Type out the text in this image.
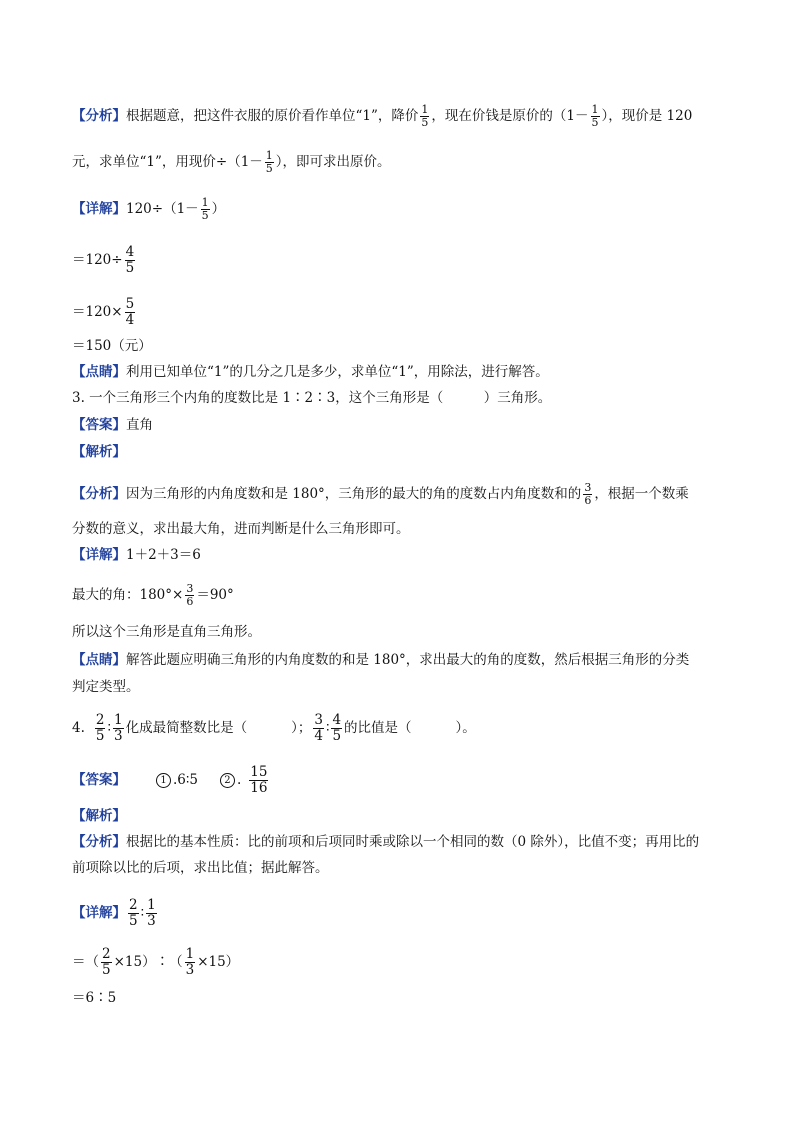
【分析】根据题意，把这件衣服的原价看作单位“1”，降价 $\frac{1}{5}$ ，现在价钱是原价的（$1- \frac{1}{5}$ ），现价是 120
元，求单位“1”，用现价$\div(1- \frac{1}{5}$ ），即可求出原价。
【详解】$120\div(1- \frac{1}{5}$ ）
$=120\div \frac{4}{5}$
$=120\times \frac{5}{4}$
＝150（元）
【点睛】利用已知单位“1”的几分之几是多少，求单位“1”，用除法，进行解答。
3. 一个三角形三个内角的度数比是 1∶2∶3，这个三角形是（　　　）三角形。
【答案】直角
【解析】
【分析】因为三角形的内角度数和是 180°，三角形的最大的角的度数占内角度数和的 $\frac{3}{6}$ ，根据一个数乘
分数的意义，求出最大角，进而判断是什么三角形即可。
【详解】1＋2＋3＝6
最大的角：$180^\circ\times \frac{3}{6} =90^\circ$
所以这个三角形是直角三角形。
【点睛】解答此题应明确三角形的内角度数的和是 180°，求出最大的角的度数，然后根据三角形的分类
判定类型。
4. $\frac{2}{5}$ ∶ $\frac{1}{3}$ 化成最简整数比是（	）； $\frac{3}{4}$ ∶ $\frac{4}{5}$ 的比值是（	）。
【答案】	1 .6∶5	2 . $\frac{15}{16}$
【解析】
【分析】根据比的基本性质：比的前项和后项同时乘或除以一个相同的数（0 除外），比值不变；再用比的
前项除以比的后项，求出比值；据此解答。
【详解】 $\frac{2}{5}$ ∶ $\frac{1}{3}$
＝（ $\frac{2}{5}$ ×15）∶（ $\frac{1}{3} \times 15$）
＝6∶5
